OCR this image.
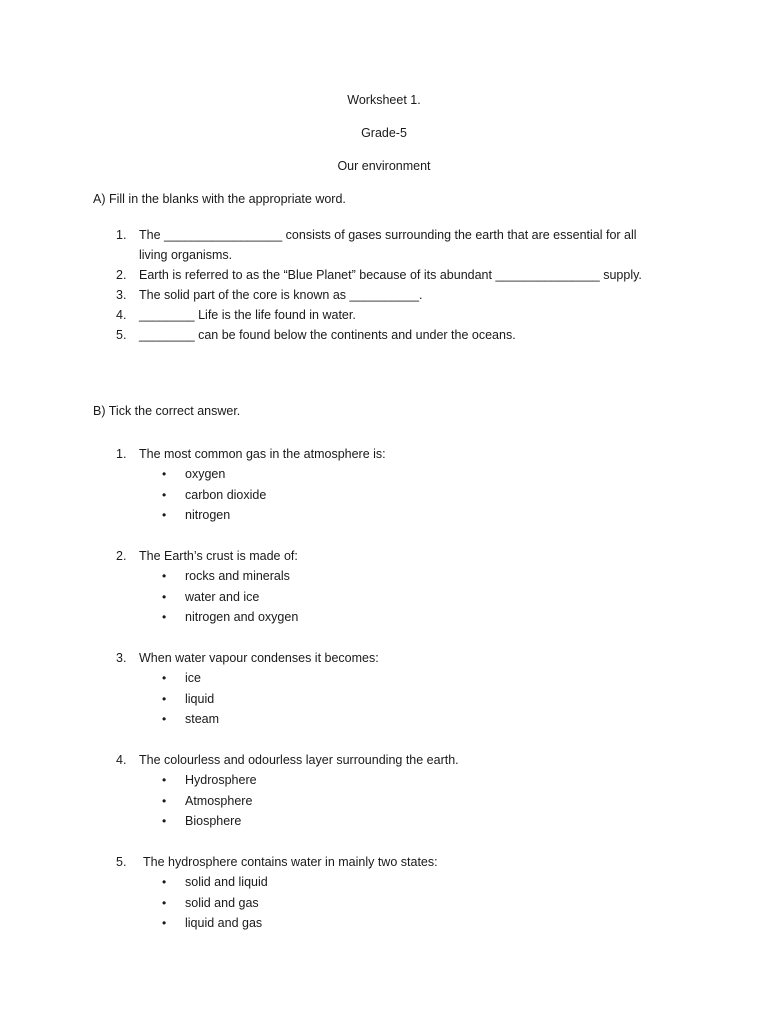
Worksheet 1.
Grade-5
Our environment
A) Fill in the blanks with the appropriate word.
1. The _________________ consists of gases surrounding the earth that are essential for all
living organisms.
2. Earth is referred to as the “Blue Planet” because of its abundant _______________ supply.
3. The solid part of the core is known as __________.
4. ________ Life is the life found in water.
5. ________ can be found below the continents and under the oceans.
B) Tick the correct answer.
1. The most common gas in the atmosphere is:
• oxygen
• carbon dioxide
• nitrogen
2. The Earth’s crust is made of:
• rocks and minerals
• water and ice
• nitrogen and oxygen
3. When water vapour condenses it becomes:
• ice
• liquid
• steam
4. The colourless and odourless layer surrounding the earth.
• Hydrosphere
• Atmosphere
• Biosphere
5. The hydrosphere contains water in mainly two states:
• solid and liquid
• solid and gas
• liquid and gas
